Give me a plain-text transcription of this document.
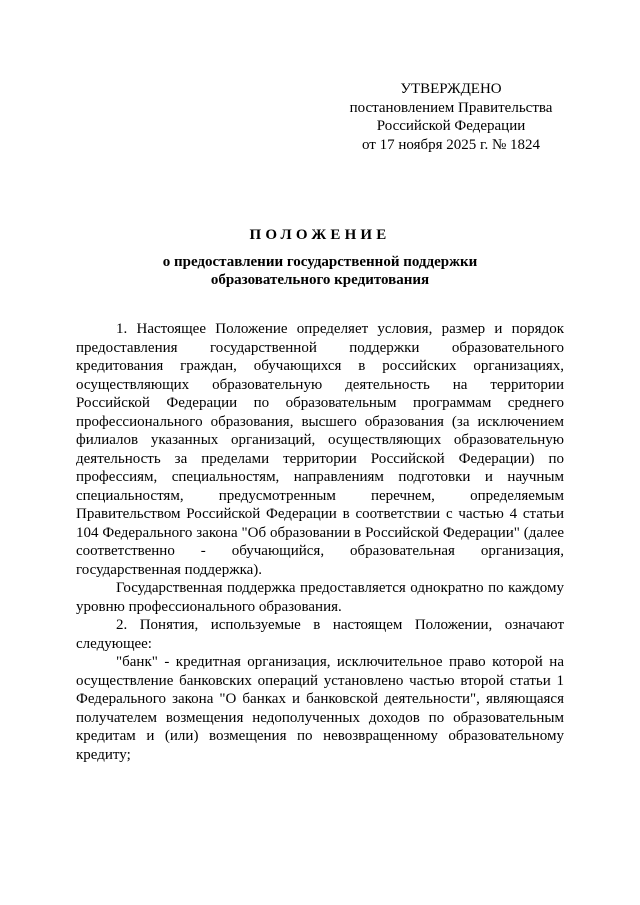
УТВЕРЖДЕНО
постановлением Правительства
Российской Федерации
от 17 ноября 2025 г. № 1824
ПОЛОЖЕНИЕ
о предоставлении государственной поддержки
образовательного кредитования

1. Настоящее Положение определяет условия, размер и порядок предоставления государственной поддержки образовательного кредитования граждан, обучающихся в российских организациях, осуществляющих образовательную деятельность на территории Российской Федерации по образовательным программам среднего профессионального образования, высшего образования (за исключением филиалов указанных организаций, осуществляющих образовательную деятельность за пределами территории Российской Федерации) по профессиям, специальностям, направлениям подготовки и научным специальностям, предусмотренным перечнем, определяемым Правительством Российской Федерации в соответствии с частью 4 статьи 104 Федерального закона "Об образовании в Российской Федерации" (далее соответственно - обучающийся, образовательная организация, государственная поддержка).

Государственная поддержка предоставляется однократно по каждому уровню профессионального образования.

2. Понятия, используемые в настоящем Положении, означают следующее:

"банк" - кредитная организация, исключительное право которой на осуществление банковских операций установлено частью второй статьи 1 Федерального закона "О банках и банковской деятельности", являющаяся получателем возмещения недополученных доходов по образовательным кредитам и (или) возмещения по невозвращенному образовательному кредиту;
